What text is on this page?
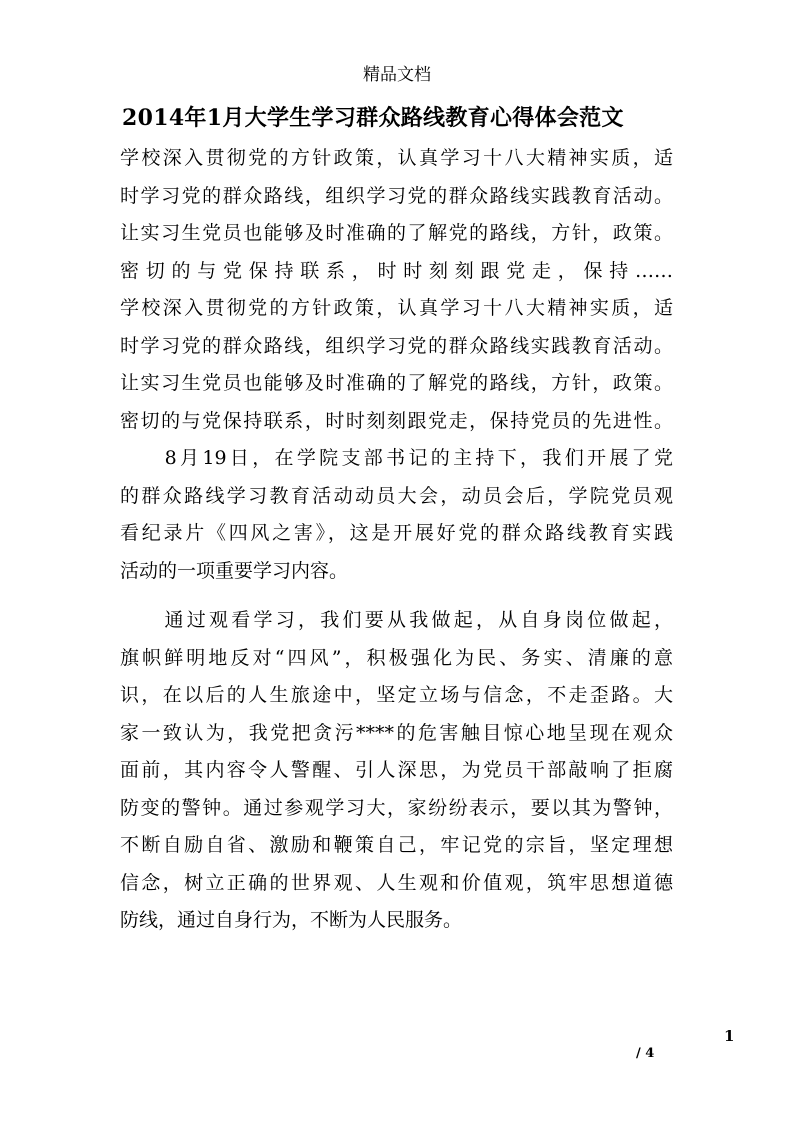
精品文档
2014年1月大学生学习群众路线教育心得体会范文
学校深入贯彻党的方针政策，认真学习十八大精神实质，适
时学习党的群众路线，组织学习党的群众路线实践教育活动。
让实习生党员也能够及时准确的了解党的路线，方针，政策。
密切的与党保持联系，时时刻刻跟党走，保持……
学校深入贯彻党的方针政策，认真学习十八大精神实质，适
时学习党的群众路线，组织学习党的群众路线实践教育活动。
让实习生党员也能够及时准确的了解党的路线，方针，政策。
密切的与党保持联系，时时刻刻跟党走，保持党员的先进性。
　　8月19日，在学院支部书记的主持下，我们开展了党
的群众路线学习教育活动动员大会，动员会后，学院党员观
看纪录片《四风之害》，这是开展好党的群众路线教育实践
活动的一项重要学习内容。
　　通过观看学习，我们要从我做起，从自身岗位做起，
旗帜鲜明地反对“四风”，积极强化为民、务实、清廉的意
识，在以后的人生旅途中，坚定立场与信念，不走歪路。大
家一致认为，我党把贪污****的危害触目惊心地呈现在观众
面前，其内容令人警醒、引人深思，为党员干部敲响了拒腐
防变的警钟。通过参观学习大，家纷纷表示，要以其为警钟，
不断自励自省、激励和鞭策自己，牢记党的宗旨，坚定理想
信念，树立正确的世界观、人生观和价值观，筑牢思想道德
防线，通过自身行为，不断为人民服务。
1
/ 4
